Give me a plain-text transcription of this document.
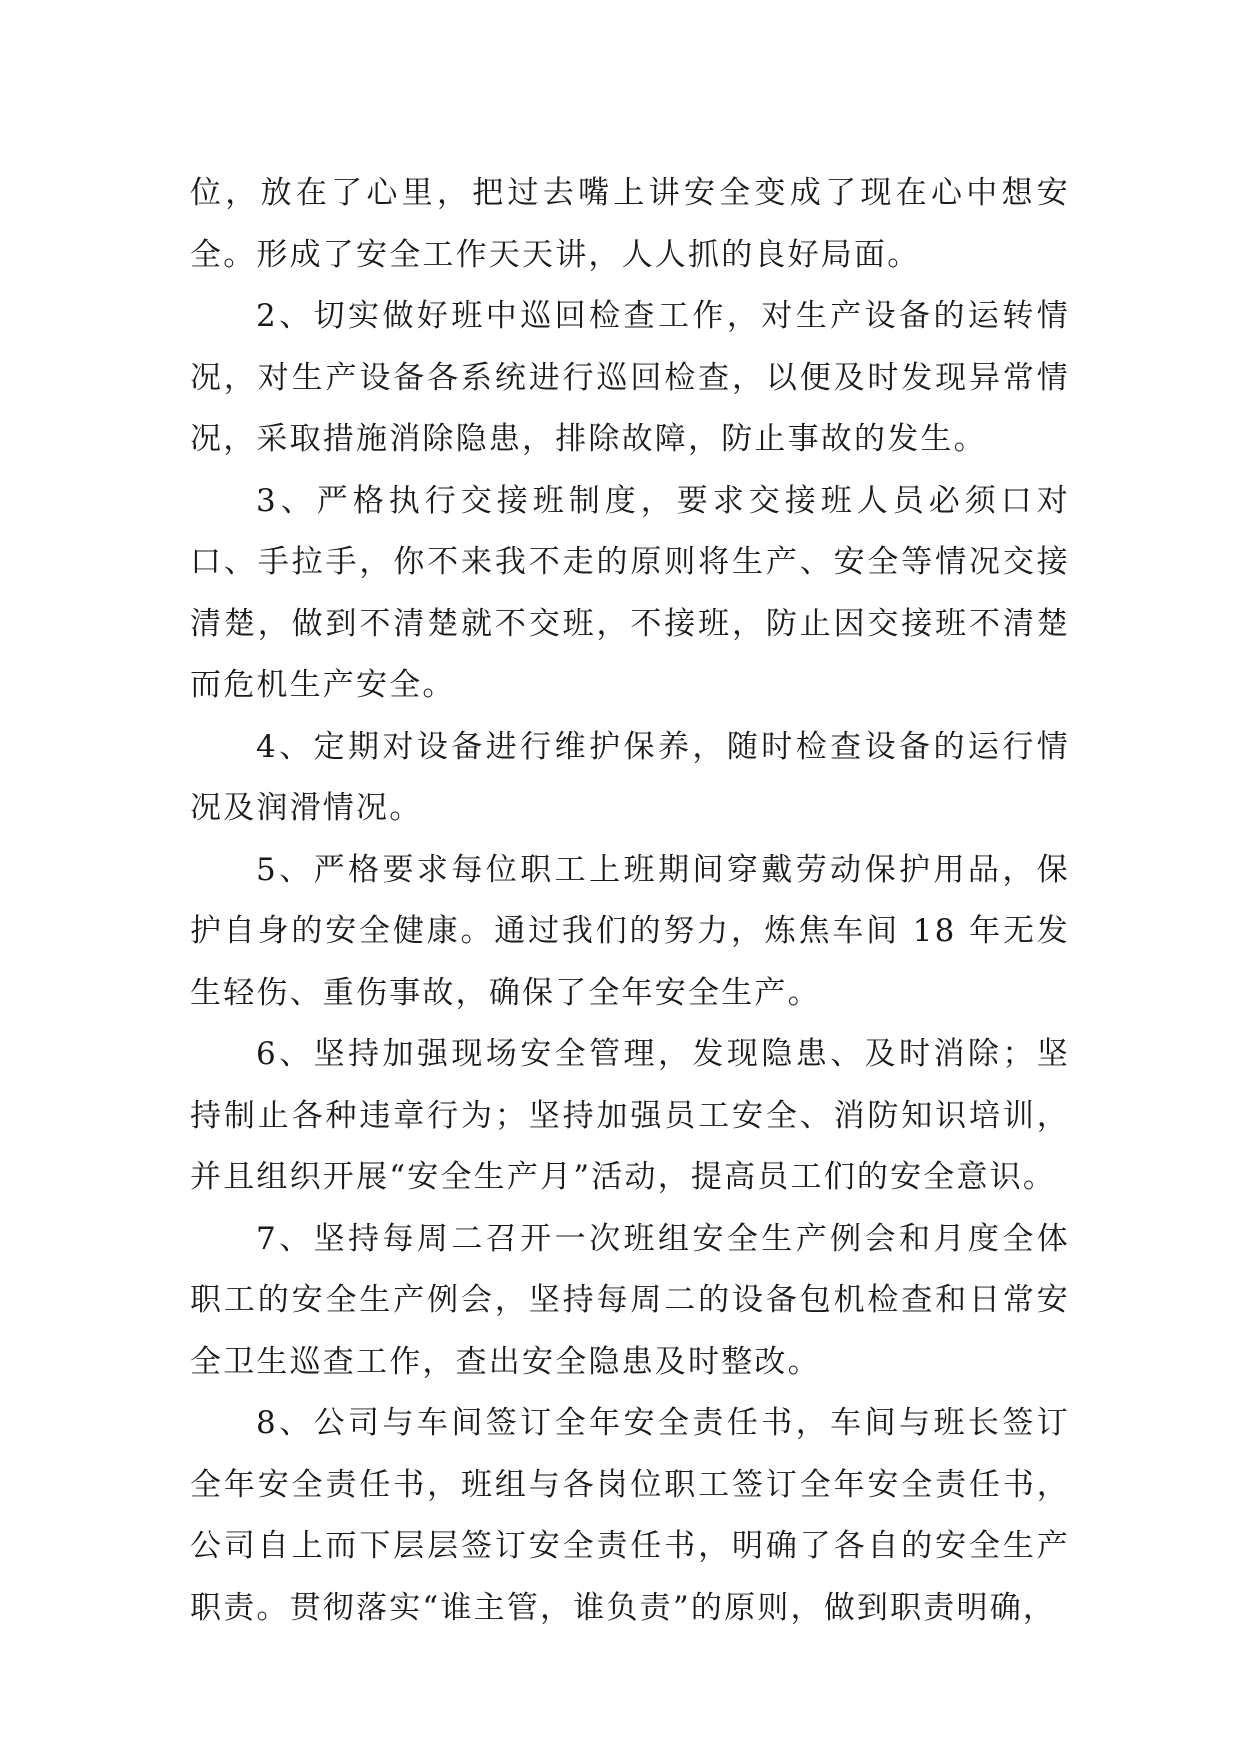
位，放在了心里，把过去嘴上讲安全变成了现在心中想安全。形成了安全工作天天讲，人人抓的良好局面。

2、切实做好班中巡回检查工作，对生产设备的运转情况，对生产设备各系统进行巡回检查，以便及时发现异常情况，采取措施消除隐患，排除故障，防止事故的发生。

3、严格执行交接班制度，要求交接班人员必须口对口、手拉手，你不来我不走的原则将生产、安全等情况交接清楚，做到不清楚就不交班，不接班，防止因交接班不清楚而危机生产安全。

4、定期对设备进行维护保养，随时检查设备的运行情况及润滑情况。

5、严格要求每位职工上班期间穿戴劳动保护用品，保护自身的安全健康。通过我们的努力，炼焦车间 18 年无发生轻伤、重伤事故，确保了全年安全生产。

6、坚持加强现场安全管理，发现隐患、及时消除；坚持制止各种违章行为；坚持加强员工安全、消防知识培训，并且组织开展“安全生产月”活动，提高员工们的安全意识。

7、坚持每周二召开一次班组安全生产例会和月度全体职工的安全生产例会，坚持每周二的设备包机检查和日常安全卫生巡查工作，查出安全隐患及时整改。

8、公司与车间签订全年安全责任书，车间与班长签订全年安全责任书，班组与各岗位职工签订全年安全责任书，公司自上而下层层签订安全责任书，明确了各自的安全生产职责。贯彻落实“谁主管，谁负责”的原则，做到职责明确，
